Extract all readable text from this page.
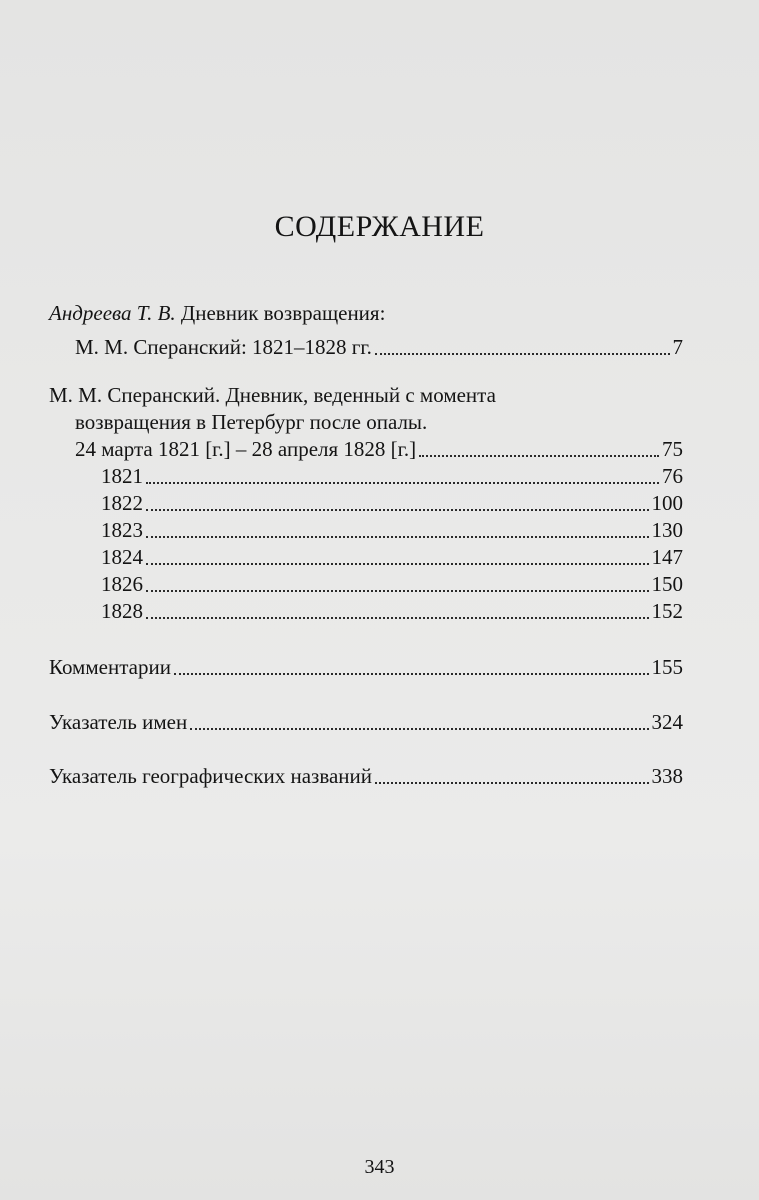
СОДЕРЖАНИЕ
Андреева Т. В. Дневник возвращения:
М. М. Сперанский: 1821–1828 гг.	7
М. М. Сперанский. Дневник, веденный с момента
возвращения в Петербург после опалы.
24 марта 1821 [г.] – 28 апреля 1828 [г.]	75
1821	76
1822	100
1823	130
1824	147
1826	150
1828	152
Комментарии	155
Указатель имен	324
Указатель географических названий	338
343
